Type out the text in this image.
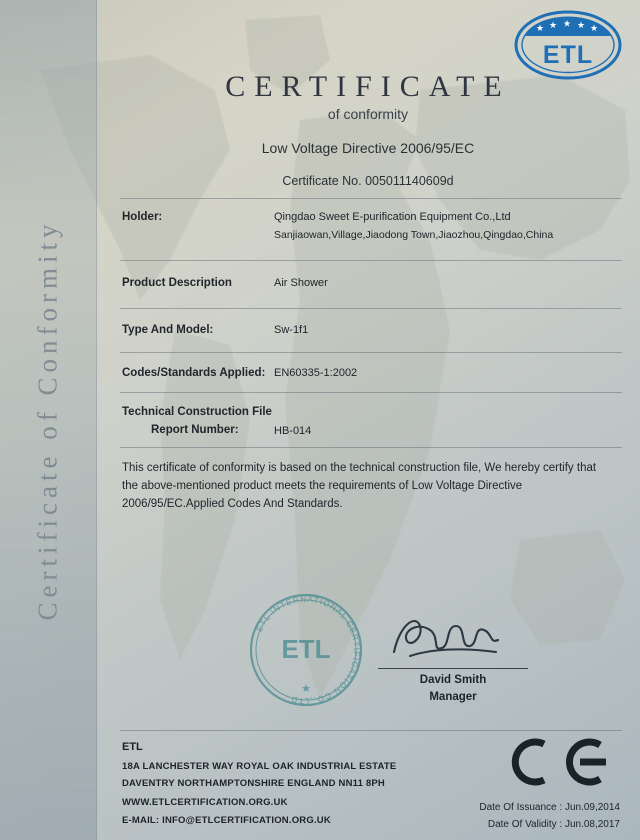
Certificate of Conformity
★ ★ ★ ★ ★
ETL
CERTIFICATE
of conformity
Low Voltage Directive 2006/95/EC
Certificate No. 005011140609d
Holder:	Qingdao Sweet E-purification Equipment Co.,Ltd
Sanjiaowan,Village,Jiaodong Town,Jiaozhou,Qingdao,China
Product Description	Air Shower
Type And Model:	Sw-1f1
Codes/Standards Applied: EN60335-1:2002
Technical Construction File
Report Number:	HB-014
This certificate of conformity is based on the technical construction file, We hereby certify that the above-mentioned product meets the requirements of Low Voltage Directive 2006/95/EC.Applied Codes And Standards.
ETL INTERNATIONAL CERTIFICATION CO.,LTD
ETL
★
David Smith
Manager
ETL
18A LANCHESTER WAY ROYAL OAK INDUSTRIAL ESTATE
DAVENTRY NORTHAMPTONSHIRE ENGLAND NN11 8PH
WWW.ETLCERTIFICATION.ORG.UK
E-MAIL: INFO@ETLCERTIFICATION.ORG.UK
Date Of Issuance : Jun.09,2014
Date Of Validity : Jun.08,2017
